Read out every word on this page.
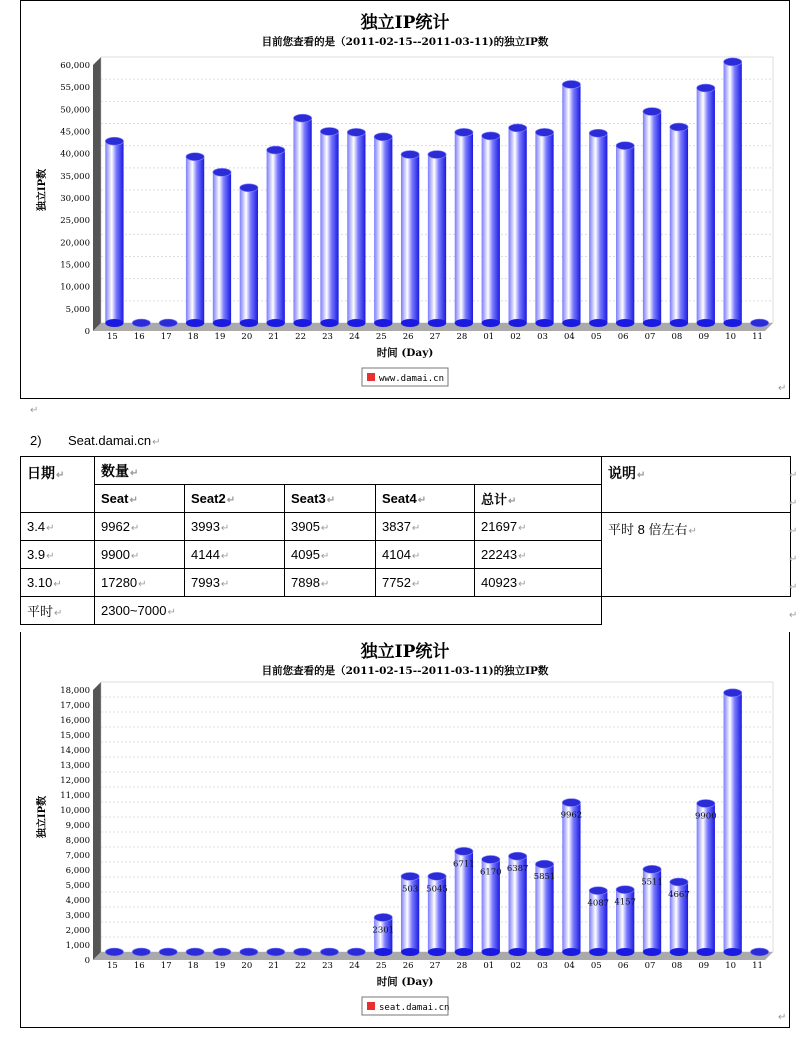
独立IP统计
目前您查看的是（2011-02-15--2011-03-11)的独立IP数
0
5,000
10,000
15,000
20,000
25,000
30,000
35,000
40,000
45,000
50,000
55,000
60,000
独立IP数
15 16 17 18 19 20 21 22 23 24 25 26 27 28 01 02 03 04 05 06 07 08 09 10 11
时间 (Day)
www.damai.cn
↵
↵
2) Seat.damai.cn↵
日期↵	数量↵					说明↵
	Seat↵	Seat2↵	Seat3↵	Seat4↵	总计↵	
3.4↵	9962↵	3993↵	3905↵	3837↵	21697↵	平时 8 倍左右↵
3.9↵	9900↵	4144↵	4095↵	4104↵	22243↵	
3.10↵	17280↵	7993↵	7898↵	7752↵	40923↵	
平时↵	2300~7000↵					
↵
↵
↵
↵
↵
↵
独立IP统计
目前您查看的是（2011-02-15--2011-03-11)的独立IP数
0
1,000
2,000
3,000
4,000
5,000
6,000
7,000
8,000
9,000
10,000
11,000
12,000
13,000
14,000
15,000
16,000
17,000
18,000
独立IP数
15 16 17 18 19 20 21 22 23 24
2301
25
503
26
5045
27
6711
28
6170
01
6387
02
5851
03
9962
04
4087
05
4157
06
5511
07
4667
08
9900
09 10 11
时间 (Day)
seat.damai.cn
↵
